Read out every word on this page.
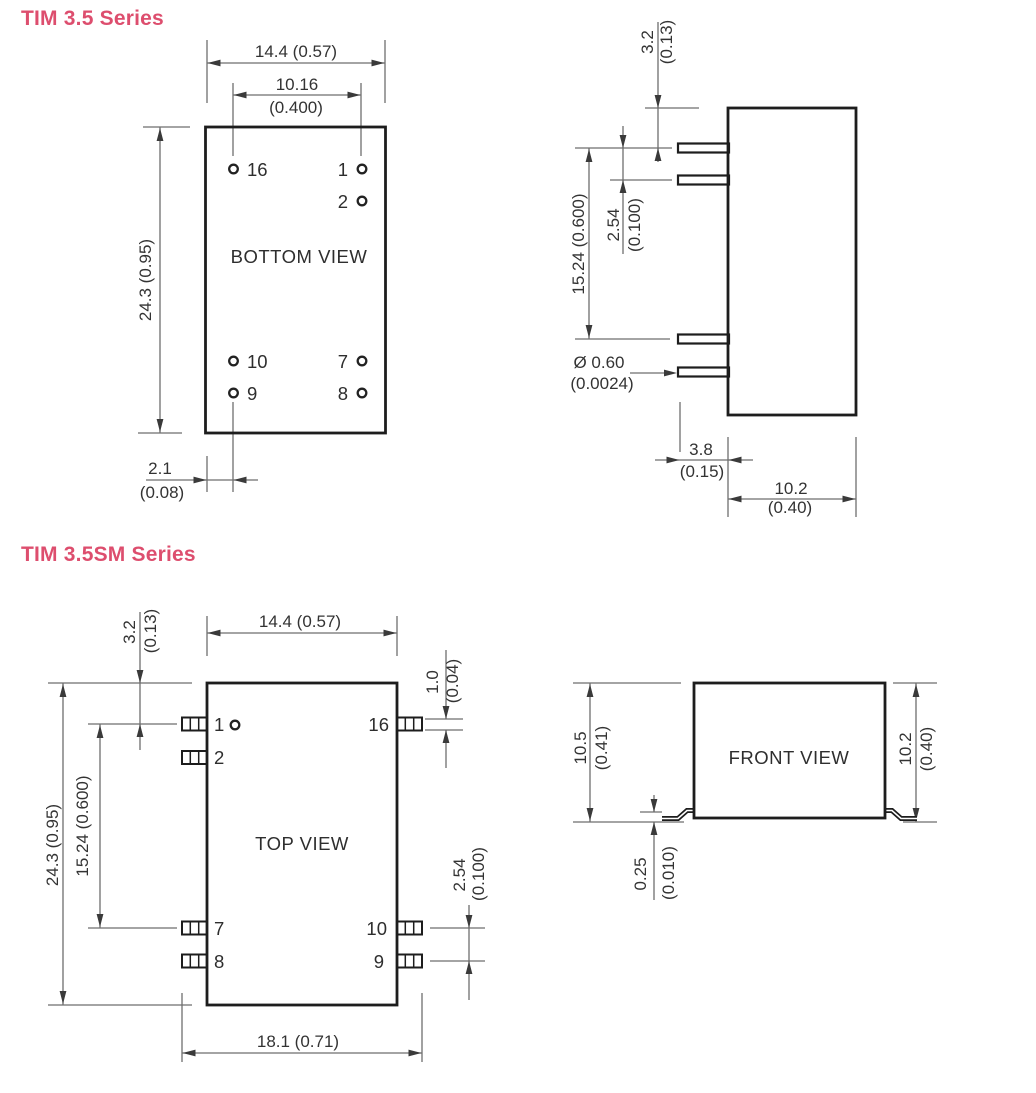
TIM 3.5 Series
TIM 3.5SM Series
14.4 (0.57)
10.16
(0.400)
24.3 (0.95)
2.1
(0.08)
16	1
2
10	7
9	8
BOTTOM VIEW
3.2 (0.13)
2.54 (0.100)
15.24 (0.600)
Ø 0.60
(0.0024)
3.8
(0.15)
10.2
(0.40)
14.4 (0.57)
3.2 (0.13)
24.3 (0.95) 15.24 (0.600)
1.0 (0.04)
2.54 (0.100)
18.1 (0.71)
1
2
16
7
8
10
9
TOP VIEW
10.5 (0.41)	10.2 (0.40)
0.25 (0.010)
FRONT VIEW
